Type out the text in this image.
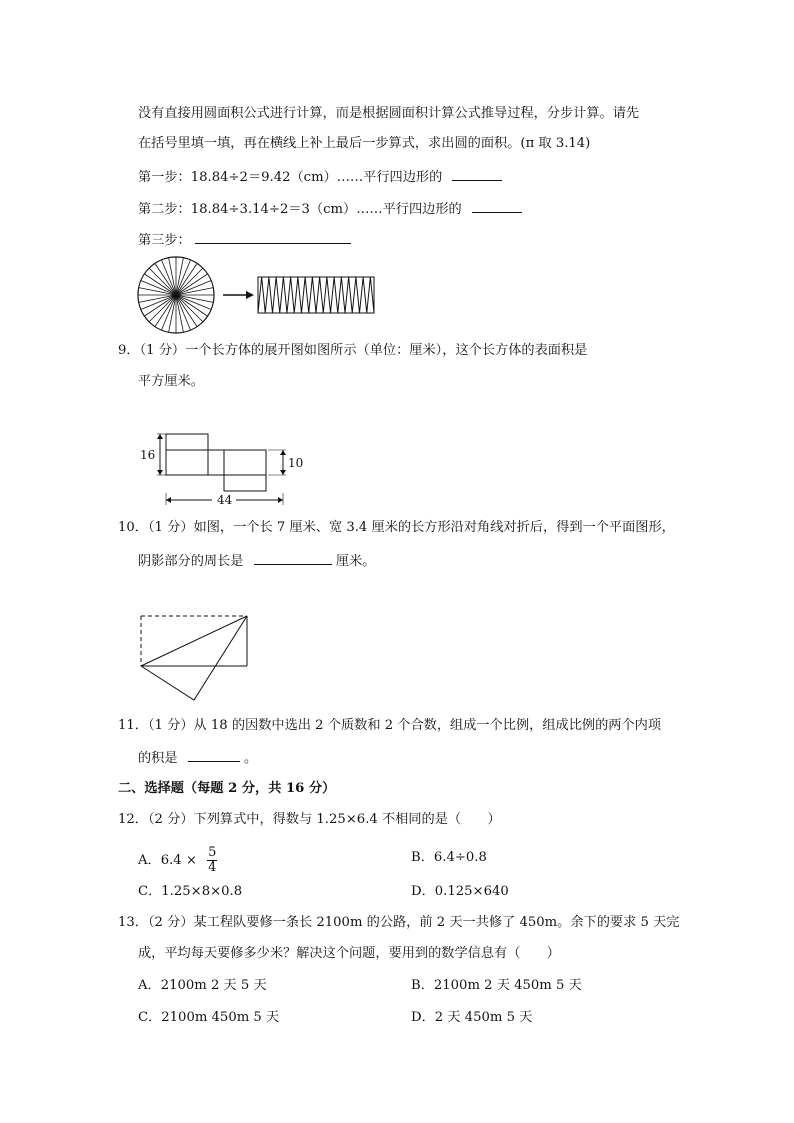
没有直接用圆面积公式进行计算，而是根据圆面积计算公式推导过程，分步计算。请先
在括号里填一填，再在横线上补上最后一步算式，求出圆的面积。(π 取 3.14)
第一步：18.84÷2＝9.42（cm）……平行四边形的
第二步：18.84÷3.14÷2＝3（cm）……平行四边形的
第三步：
9．（1 分）一个长方体的展开图如图所示（单位：厘米），这个长方体的表面积是
平方厘米。
16
10
44
10．（1 分）如图，一个长 7 厘米、宽 3.4 厘米的长方形沿对角线对折后，得到一个平面图形，
阴影部分的周长是	厘米。
11．（1 分）从 18 的因数中选出 2 个质数和 2 个合数，组成一个比例，组成比例的两个内项
的积是	。
二、选择题（每题 2 分，共 16 分）
12．（2 分）下列算式中，得数与 1.25×6.4 不相同的是（　　）
A．$6.4 \times \frac{5}{4}$	B．6.4÷0.8
C．1.25×8×0.8	D．0.125×640
13．（2 分）某工程队要修一条长 2100m 的公路，前 2 天一共修了 450m。余下的要求 5 天完
成，平均每天要修多少米？解决这个问题，要用到的数学信息有（　　）
A．2100m 2 天 5 天	B．2100m 2 天 450m 5 天
C．2100m 450m 5 天	D．2 天 450m 5 天
